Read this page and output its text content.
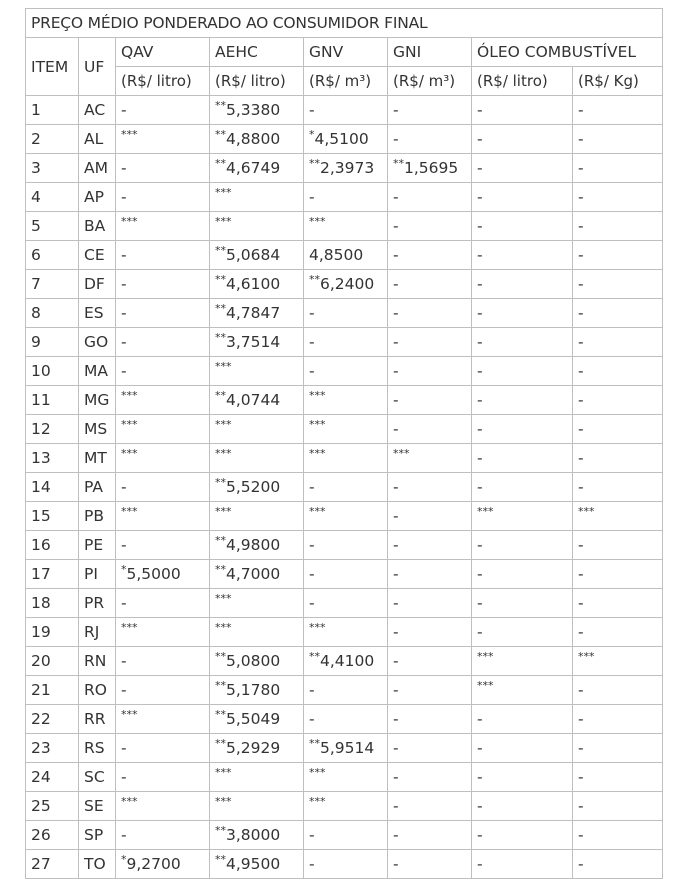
PREÇO MÉDIO PONDERADO AO CONSUMIDOR FINAL							
ITEM	UF	QAV	AEHC	GNV	GNI	ÓLEO COMBUSTÍVEL	
		(R$/ litro)	(R$/ litro)	(R$/ m³)	(R$/ m³)	(R$/ litro)	(R$/ Kg)
1	AC	-	**5,3380	-	-	-	-
2	AL	***	**4,8800	*4,5100	-	-	-
3	AM	-	**4,6749	**2,3973	**1,5695	-	-
4	AP	-	***	-	-	-	-
5	BA	***	***	***	-	-	-
6	CE	-	**5,0684	4,8500	-	-	-
7	DF	-	**4,6100	**6,2400	-	-	-
8	ES	-	**4,7847	-	-	-	-
9	GO	-	**3,7514	-	-	-	-
10	MA	-	***	-	-	-	-
11	MG	***	**4,0744	***	-	-	-
12	MS	***	***	***	-	-	-
13	MT	***	***	***	***	-	-
14	PA	-	**5,5200	-	-	-	-
15	PB	***	***	***	-	***	***
16	PE	-	**4,9800	-	-	-	-
17	PI	*5,5000	**4,7000	-	-	-	-
18	PR	-	***	-	-	-	-
19	RJ	***	***	***	-	-	-
20	RN	-	**5,0800	**4,4100	-	***	***
21	RO	-	**5,1780	-	-	***	-
22	RR	***	**5,5049	-	-	-	-
23	RS	-	**5,2929	**5,9514	-	-	-
24	SC	-	***	***	-	-	-
25	SE	***	***	***	-	-	-
26	SP	-	**3,8000	-	-	-	-
27	TO	*9,2700	**4,9500	-	-	-	-
